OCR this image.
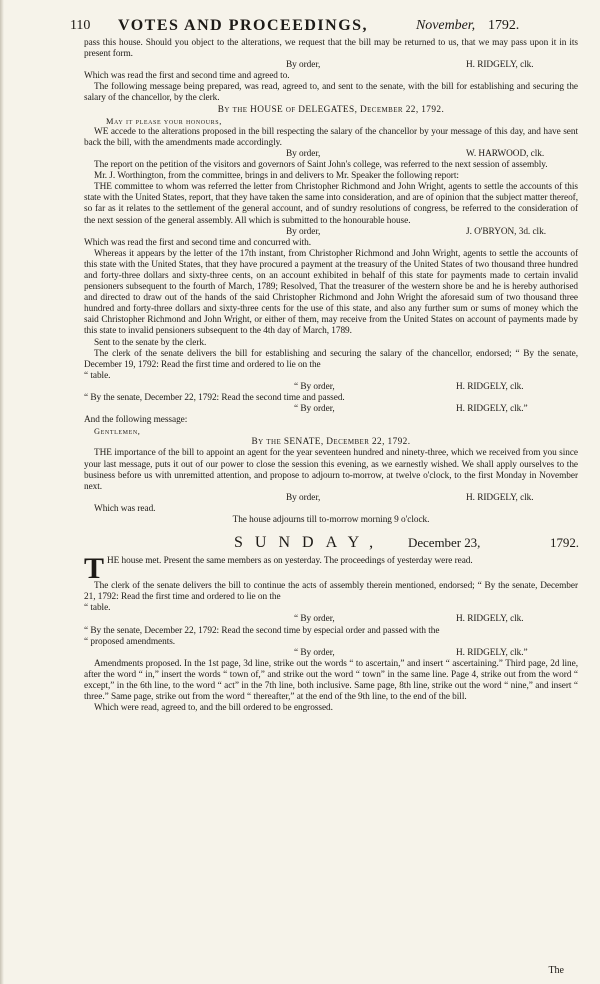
110 VOTES AND PROCEEDINGS,	November, 1792.

pass this house. Should you object to the alterations, we request that the bill may be returned to us, that we may pass upon it in its present form.

By order,	H. RIDGELY, clk.

Which was read the first and second time and agreed to.

The following message being prepared, was read, agreed to, and sent to the senate, with the bill for establishing and securing the salary of the chancellor, by the clerk.

By the HOUSE of DELEGATES, December 22, 1792.
May it please your honours,

WE accede to the alterations proposed in the bill respecting the salary of the chancellor by your message of this day, and have sent back the bill, with the amendments made accordingly.

By order,	W. HARWOOD, clk.

The report on the petition of the visitors and governors of Saint John's college, was referred to the next session of assembly.

Mr. J. Worthington, from the committee, brings in and delivers to Mr. Speaker the following report:

THE committee to whom was referred the letter from Christopher Richmond and John Wright, agents to settle the accounts of this state with the United States, report, that they have taken the same into consideration, and are of opinion that the subject matter thereof, so far as it relates to the settlement of the general account, and of sundry resolutions of congress, be referred to the consideration of the next session of the general assembly. All which is submitted to the honourable house.

By order,	J. O'BRYON, 3d. clk.

Which was read the first and second time and concurred with.

Whereas it appears by the letter of the 17th instant, from Christopher Richmond and John Wright, agents to settle the accounts of this state with the United States, that they have procured a payment at the treasury of the United States of two thousand three hundred and forty-three dollars and sixty-three cents, on an account exhibited in behalf of this state for payments made to certain invalid pensioners subsequent to the fourth of March, 1789; Resolved, That the treasurer of the western shore be and he is hereby authorised and directed to draw out of the hands of the said Christopher Richmond and John Wright the aforesaid sum of two thousand three hundred and forty-three dollars and sixty-three cents for the use of this state, and also any further sum or sums of money which the said Christopher Richmond and John Wright, or either of them, may receive from the United States on account of payments made by this state to invalid pensioners subsequent to the 4th day of March, 1789.

Sent to the senate by the clerk.

The clerk of the senate delivers the bill for establishing and securing the salary of the chancellor, endorsed; “ By the senate, December 19, 1792: Read the first time and ordered to lie on the

“ table.
“ By order,	H. RIDGELY, clk.

“ By the senate, December 22, 1792: Read the second time and passed.

“ By order,	H. RIDGELY, clk.”

And the following message:

Gentlemen,
By the SENATE, December 22, 1792.

THE importance of the bill to appoint an agent for the year seventeen hundred and ninety-three, which we received from you since your last message, puts it out of our power to close the session this evening, as we earnestly wished. We shall apply ourselves to the business before us with unremitted attention, and propose to adjourn to-morrow, at twelve o'clock, to the first Monday in November next.

By order,	H. RIDGELY, clk.

Which was read.

The house adjourns till to-morrow morning 9 o'clock.
SUNDAY, December 23,	1792.
T HE house met. Present the same members as on yesterday. The proceedings of yesterday were read.

The clerk of the senate delivers the bill to continue the acts of assembly therein mentioned, endorsed; “ By the senate, December 21, 1792: Read the first time and ordered to lie on the

“ table.
“ By order,	H. RIDGELY, clk.

“ By the senate, December 22, 1792: Read the second time by especial order and passed with the

“ proposed amendments.
“ By order,	H. RIDGELY, clk.”

Amendments proposed. In the 1st page, 3d line, strike out the words “ to ascertain,” and insert “ ascertaining.” Third page, 2d line, after the word “ in,” insert the words “ town of,” and strike out the word “ town” in the same line. Page 4, strike out from the word “ except,” in the 6th line, to the word “ act” in the 7th line, both inclusive. Same page, 8th line, strike out the word “ nine,” and insert “ three.” Same page, strike out from the word “ thereafter,” at the end of the 9th line, to the end of the bill.

Which were read, agreed to, and the bill ordered to be engrossed.

The
